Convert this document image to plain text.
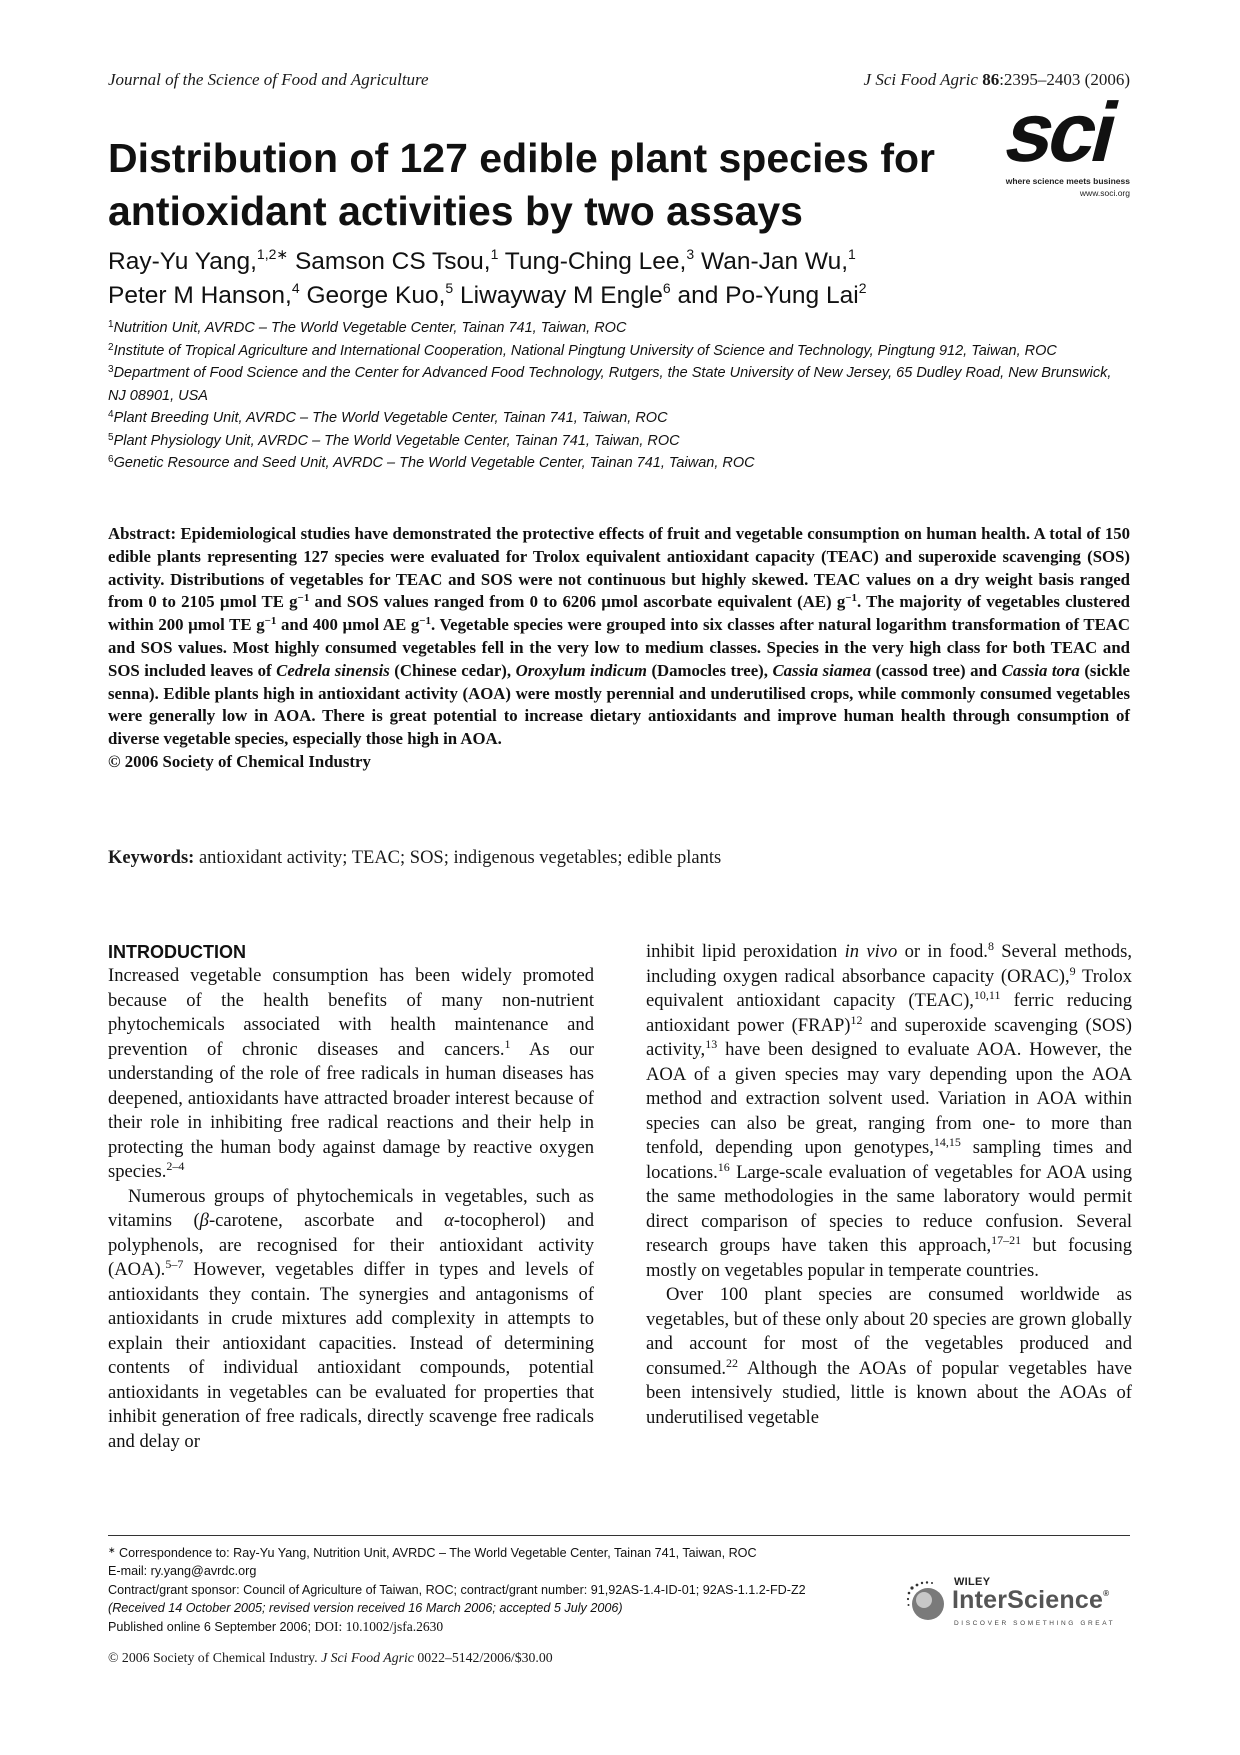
Journal of the Science of Food and Agriculture	J Sci Food Agric 86:2395–2403 (2006)
sci
where science meets business
www.soci.org
Distribution of 127 edible plant species for antioxidant activities by two assays
Ray-Yu Yang,$^{1,2∗}$ Samson CS Tsou,$^1$ Tung-Ching Lee,$^3$ Wan-Jan Wu,$^1$
Peter M Hanson,$^4$ George Kuo,$^5$ Liwayway M Engle$^6$ and Po-Yung Lai$^2$
$^1$Nutrition Unit, AVRDC – The World Vegetable Center, Tainan 741, Taiwan, ROC
$^2$Institute of Tropical Agriculture and International Cooperation, National Pingtung University of Science and Technology, Pingtung 912, Taiwan, ROC
$^3$Department of Food Science and the Center for Advanced Food Technology, Rutgers, the State University of New Jersey, 65 Dudley Road, New Brunswick, NJ 08901, USA
$^4$Plant Breeding Unit, AVRDC – The World Vegetable Center, Tainan 741, Taiwan, ROC
$^5$Plant Physiology Unit, AVRDC – The World Vegetable Center, Tainan 741, Taiwan, ROC
$^6$Genetic Resource and Seed Unit, AVRDC – The World Vegetable Center, Tainan 741, Taiwan, ROC
Abstract: Epidemiological studies have demonstrated the protective effects of fruit and vegetable consumption on human health. A total of 150 edible plants representing 127 species were evaluated for Trolox equivalent antioxidant capacity (TEAC) and superoxide scavenging (SOS) activity. Distributions of vegetables for TEAC and SOS were not continuous but highly skewed. TEAC values on a dry weight basis ranged from 0 to 2105 µmol TE $g^{-1}$ and SOS values ranged from 0 to 6206 µmol ascorbate equivalent (AE) $g^{-1}$. The majority of vegetables clustered within 200 µmol TE $g^{-1}$ and 400 µmol AE $g^{-1}$. Vegetable species were grouped into six classes after natural logarithm transformation of TEAC and SOS values. Most highly consumed vegetables fell in the very low to medium classes. Species in the very high class for both TEAC and SOS included leaves of Cedrela sinensis (Chinese cedar), Oroxylum indicum (Damocles tree), Cassia siamea (cassod tree) and Cassia tora (sickle senna). Edible plants high in antioxidant activity (AOA) were mostly perennial and underutilised crops, while commonly consumed vegetables were generally low in AOA. There is great potential to increase dietary antioxidants and improve human health through consumption of diverse vegetable species, especially those high in AOA.
© 2006 Society of Chemical Industry
Keywords: antioxidant activity; TEAC; SOS; indigenous vegetables; edible plants
INTRODUCTION

Increased vegetable consumption has been widely promoted because of the health benefits of many non-nutrient phytochemicals associated with health maintenance and prevention of chronic diseases and cancers.$^1$ As our understanding of the role of free radicals in human diseases has deepened, antioxidants have attracted broader interest because of their role in inhibiting free radical reactions and their help in protecting the human body against damage by reactive oxygen species.$^{2-4}$

Numerous groups of phytochemicals in vegetables, such as vitamins (β-carotene, ascorbate and α-tocopherol) and polyphenols, are recognised for their antioxidant activity (AOA).$^{5-7}$ However, vegetables differ in types and levels of antioxidants they contain. The synergies and antagonisms of antioxidants in crude mixtures add complexity in attempts to explain their antioxidant capacities. Instead of determining contents of individual antioxidant compounds, potential antioxidants in vegetables can be evaluated for properties that inhibit generation of free radicals, directly scavenge free radicals and delay or

inhibit lipid peroxidation in vivo or in food.$^8$ Several methods, including oxygen radical absorbance capacity (ORAC),$^9$ Trolox equivalent antioxidant capacity (TEAC),$^{10,11}$ ferric reducing antioxidant power (FRAP)$^{12}$ and superoxide scavenging (SOS) activity,$^{13}$ have been designed to evaluate AOA. However, the AOA of a given species may vary depending upon the AOA method and extraction solvent used. Variation in AOA within species can also be great, ranging from one- to more than tenfold, depending upon genotypes,$^{14,15}$ sampling times and locations.$^{16}$ Large-scale evaluation of vegetables for AOA using the same methodologies in the same laboratory would permit direct comparison of species to reduce confusion. Several research groups have taken this approach,$^{17-21}$ but focusing mostly on vegetables popular in temperate countries.

Over 100 plant species are consumed worldwide as vegetables, but of these only about 20 species are grown globally and account for most of the vegetables produced and consumed.$^{22}$ Although the AOAs of popular vegetables have been intensively studied, little is known about the AOAs of underutilised vegetable

∗ Correspondence to: Ray-Yu Yang, Nutrition Unit, AVRDC – The World Vegetable Center, Tainan 741, Taiwan, ROC
E-mail: ry.yang@avrdc.org
Contract/grant sponsor: Council of Agriculture of Taiwan, ROC; contract/grant number: 91,92AS-1.4-ID-01; 92AS-1.1.2-FD-Z2
(Received 14 October 2005; revised version received 16 March 2006; accepted 5 July 2006)
Published online 6 September 2006; DOI: 10.1002/jsfa.2630
© 2006 Society of Chemical Industry. J Sci Food Agric 0022–5142/2006/$30.00
WILEY
InterScience®
DISCOVER SOMETHING GREAT
